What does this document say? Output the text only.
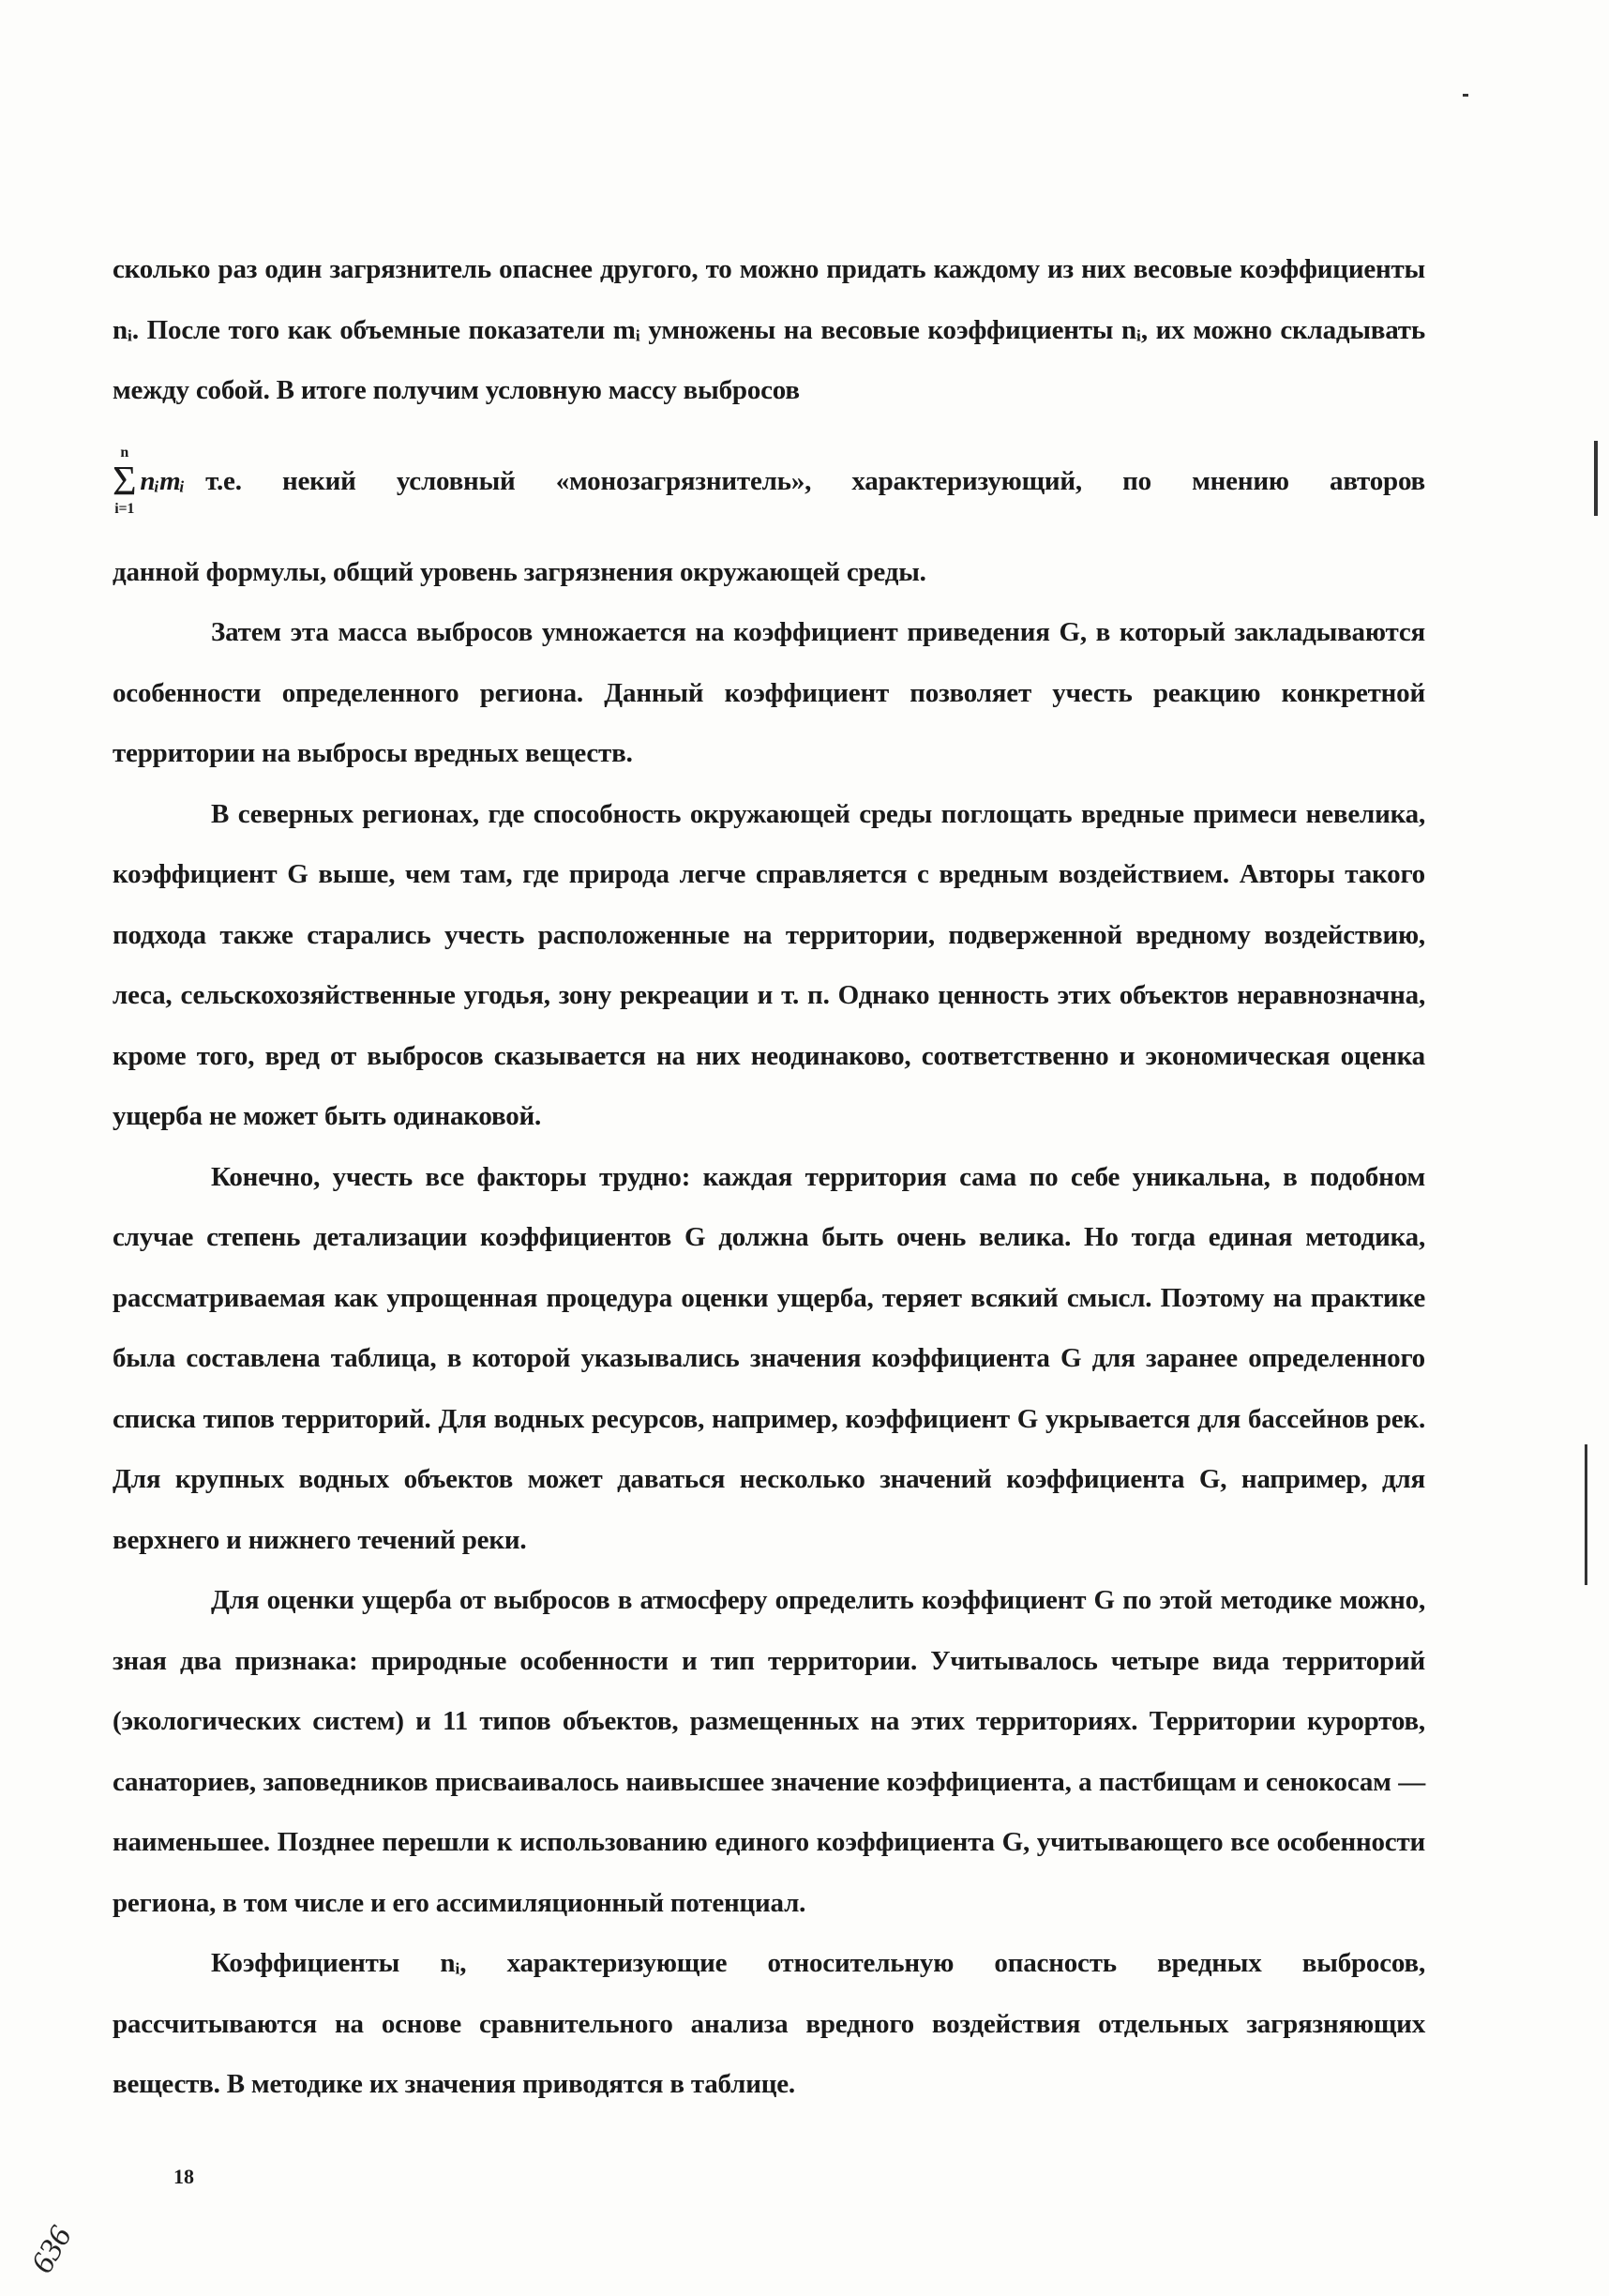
сколько раз один загрязнитель опаснее другого, то можно придать каждому из них весовые коэффициенты nᵢ. После того как объемные показатели mᵢ умножены на весовые коэффициенты nᵢ, их можно складывать между собой. В итоге получим условную массу выбросов

n
Σ
i=1
nᵢmᵢ т.е. некий условный «монозагрязнитель», характеризующий, по мнению авторов

данной формулы, общий уровень загрязнения окружающей среды.

Затем эта масса выбросов умножается на коэффициент приведения G, в который закладываются особенности определенного региона. Данный коэффициент позволяет учесть реакцию конкретной территории на выбросы вредных веществ.

В северных регионах, где способность окружающей среды поглощать вредные примеси невелика, коэффициент G выше, чем там, где природа легче справляется с вредным воздействием. Авторы такого подхода также старались учесть расположенные на территории, подверженной вредному воздействию, леса, сельскохозяйственные угодья, зону рекреации и т. п. Однако ценность этих объектов неравнозначна, кроме того, вред от выбросов сказывается на них неодинаково, соответственно и экономическая оценка ущерба не может быть одинаковой.

Конечно, учесть все факторы трудно: каждая территория сама по себе уникальна, в подобном случае степень детализации коэффициентов G должна быть очень велика. Но тогда единая методика, рассматриваемая как упрощенная процедура оценки ущерба, теряет всякий смысл. Поэтому на практике была составлена таблица, в которой указывались значения коэффициента G для заранее определенного списка типов территорий. Для водных ресурсов, например, коэффициент G укрывается для бассейнов рек. Для крупных водных объектов может даваться несколько значений коэффициента G, например, для верхнего и нижнего течений реки.

Для оценки ущерба от выбросов в атмосферу определить коэффициент G по этой методике можно, зная два признака: природные особенности и тип территории. Учитывалось четыре вида территорий (экологических систем) и 11 типов объектов, размещенных на этих территориях. Территории курортов, санаториев, заповедников присваивалось наивысшее значение коэффициента, а пастбищам и сенокосам — наименьшее. Позднее перешли к использованию единого коэффициента G, учитывающего все особенности региона, в том числе и его ассимиляционный потенциал.

Коэффициенты nᵢ, характеризующие относительную опасность вредных выбросов, рассчитываются на основе сравнительного анализа вредного воздействия отдельных загрязняющих веществ. В методике их значения приводятся в таблице.

18
636
